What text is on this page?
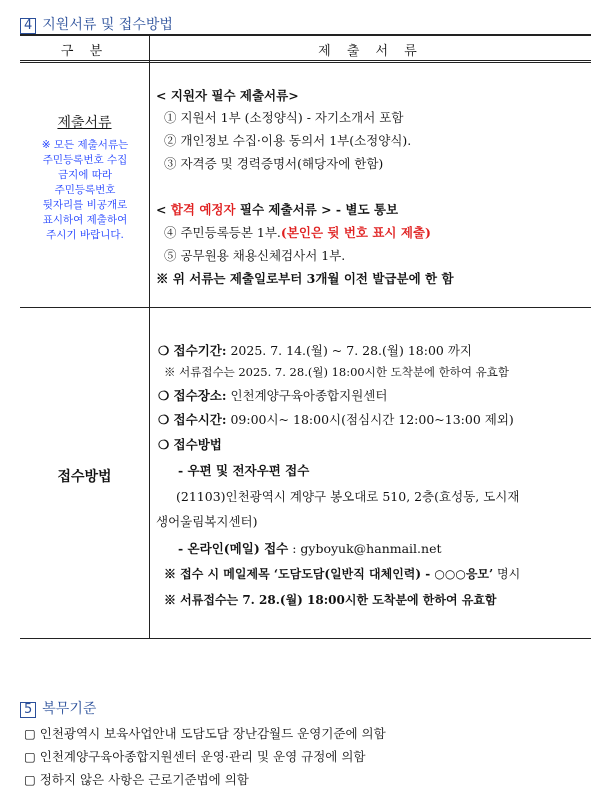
4 지원서류 및 접수방법
구 분	제 출 서 류
제출서류
※ 모든 제출서류는
주민등록번호 수집
금지에 따라
주민등록번호
뒷자리를 비공개로
표시하여 제출하여
주시기 바랍니다.
< 지원자 필수 제출서류>
① 지원서 1부 (소정양식) - 자기소개서 포함
② 개인정보 수집·이용 동의서 1부(소정양식).
③ 자격증 및 경력증명서(해당자에 한함)
< 합격 예정자 필수 제출서류 > - 별도 통보
④ 주민등록등본 1부.(본인은 뒷 번호 표시 제출)
⑤ 공무원용 채용신체검사서 1부.
※ 위 서류는 제출일로부터 3개월 이전 발급분에 한 함
접수방법
❍ 접수기간: 2025. 7. 14.(월) ~ 7. 28.(월) 18:00 까지
※ 서류접수는 2025. 7. 28.(월) 18:00시한 도착분에 한하여 유효함
❍ 접수장소: 인천계양구육아종합지원센터
❍ 접수시간: 09:00시~ 18:00시(점심시간 12:00~13:00 제외)
❍ 접수방법
- 우편 및 전자우편 접수
(21103)인천광역시 계양구 봉오대로 510, 2층(효성동, 도시재
생어울림복지센터)
- 온라인(메일) 접수 : gyboyuk@hanmail.net
※ 접수 시 메일제목 ‘도담도담(일반직 대체인력) - ○○○응모’ 명시
※ 서류접수는 7. 28.(월) 18:00시한 도착분에 한하여 유효함
5 복무기준
▢ 인천광역시 보육사업안내 도담도담 장난감월드 운영기준에 의함
▢ 인천계양구육아종합지원센터 운영·관리 및 운영 규정에 의함
▢ 정하지 않은 사항은 근로기준법에 의함
